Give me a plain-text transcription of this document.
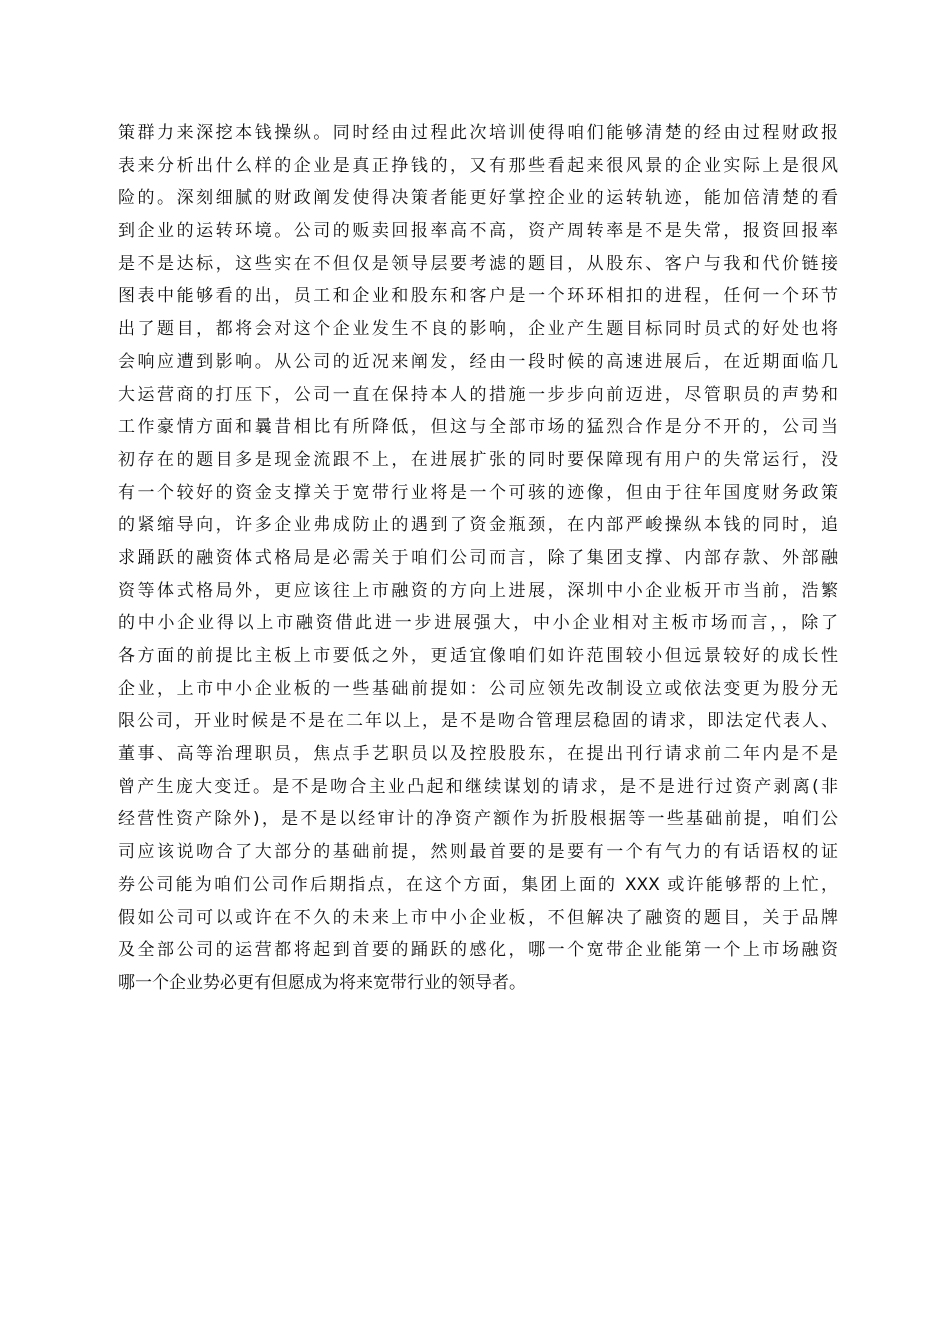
策群力来深挖本钱操纵。同时经由过程此次培训使得咱们能够清楚的经由过程财政报
表来分析出什么样的企业是真正挣钱的，又有那些看起来很风景的企业实际上是很风
险的。深刻细腻的财政阐发使得决策者能更好掌控企业的运转轨迹，能加倍清楚的看
到企业的运转环境。公司的贩卖回报率高不高，资产周转率是不是失常，报资回报率
是不是达标，这些实在不但仅是领导层要考滤的题目，从股东、客户与我和代价链接
图表中能够看的出，员工和企业和股东和客户是一个环环相扣的进程，任何一个环节
出了题目，都将会对这个企业发生不良的影响，企业产生题目标同时员式的好处也将
会响应遭到影响。从公司的近况来阐发，经由一段时候的高速进展后，在近期面临几
大运营商的打压下，公司一直在保持本人的措施一步步向前迈进，尽管职员的声势和
工作豪情方面和曩昔相比有所降低，但这与全部市场的猛烈合作是分不开的，公司当
初存在的题目多是现金流跟不上，在进展扩张的同时要保障现有用户的失常运行，没
有一个较好的资金支撑关于宽带行业将是一个可骇的迹像，但由于往年国度财务政策
的紧缩导向，许多企业弗成防止的遇到了资金瓶颈，在内部严峻操纵本钱的同时，追
求踊跃的融资体式格局是必需关于咱们公司而言，除了集团支撑、内部存款、外部融
资等体式格局外，更应该往上市融资的方向上进展，深圳中小企业板开市当前，浩繁
的中小企业得以上市融资借此进一步进展强大，中小企业相对主板市场而言，，除了
各方面的前提比主板上市要低之外，更适宜像咱们如许范围较小但远景较好的成长性
企业，上市中小企业板的一些基础前提如：公司应领先改制设立或依法变更为股分无
限公司，开业时候是不是在二年以上，是不是吻合管理层稳固的请求，即法定代表人、
董事、高等治理职员，焦点手艺职员以及控股股东，在提出刊行请求前二年内是不是
曾产生庞大变迁。是不是吻合主业凸起和继续谋划的请求，是不是进行过资产剥离(非
经营性资产除外)，是不是以经审计的净资产额作为折股根据等一些基础前提，咱们公
司应该说吻合了大部分的基础前提，然则最首要的是要有一个有气力的有话语权的证
券公司能为咱们公司作后期指点，在这个方面，集团上面的 XXX 或许能够帮的上忙，
假如公司可以或许在不久的未来上市中小企业板，不但解决了融资的题目，关于品牌
及全部公司的运营都将起到首要的踊跃的感化，哪一个宽带企业能第一个上市场融资
哪一个企业势必更有但愿成为将来宽带行业的领导者。
